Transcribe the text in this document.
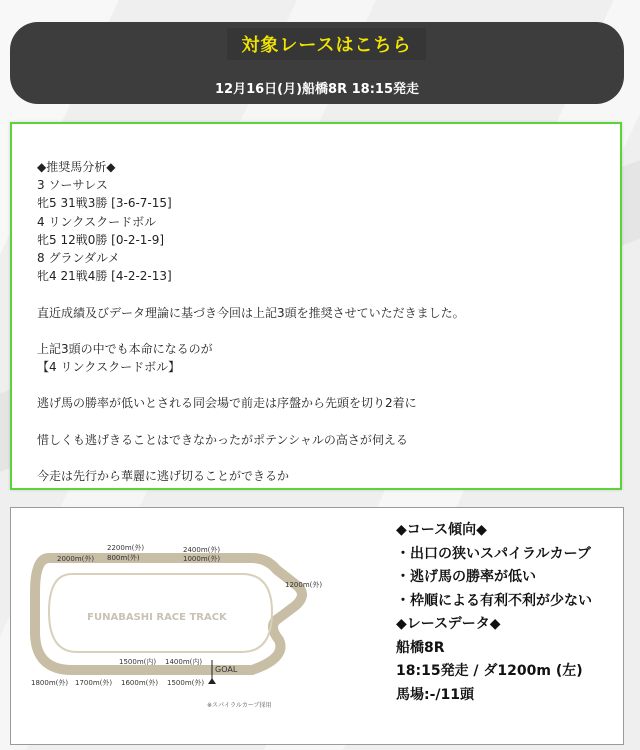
対象レースはこちら
12月16日(月)船橋8R 18:15発走
◆推奨馬分析◆
3 ソーサレス
牝5 31戦3勝 [3-6-7-15]
4 リンクスクードボル
牝5 12戦0勝 [0-2-1-9]
8 グランダルメ
牝4 21戦4勝 [4-2-2-13]
直近成績及びデータ理論に基づき今回は上記3頭を推奨させていただきました。
上記3頭の中でも本命になるのが
【4 リンクスクードボル】
逃げ馬の勝率が低いとされる同会場で前走は序盤から先頭を切り2着に
惜しくも逃げきることはできなかったがポテンシャルの高さが伺える
今走は先行から華麗に逃げ切ることができるか
FUNABASHI RACE TRACK
GOAL
2000m(外)
2200m(外)
800m(外)
2400m(外)
1000m(外)
1200m(外)
1500m(内) 1400m(内)
1800m(外) 1700m(外) 1600m(外) 1500m(外)
※スパイラルカーブ採用
◆コース傾向◆
・出口の狭いスパイラルカーブ
・逃げ馬の勝率が低い
・枠順による有利不利が少ない
◆レースデータ◆
船橋8R
18:15発走 / ダ1200m (左)
馬場:-/11頭
